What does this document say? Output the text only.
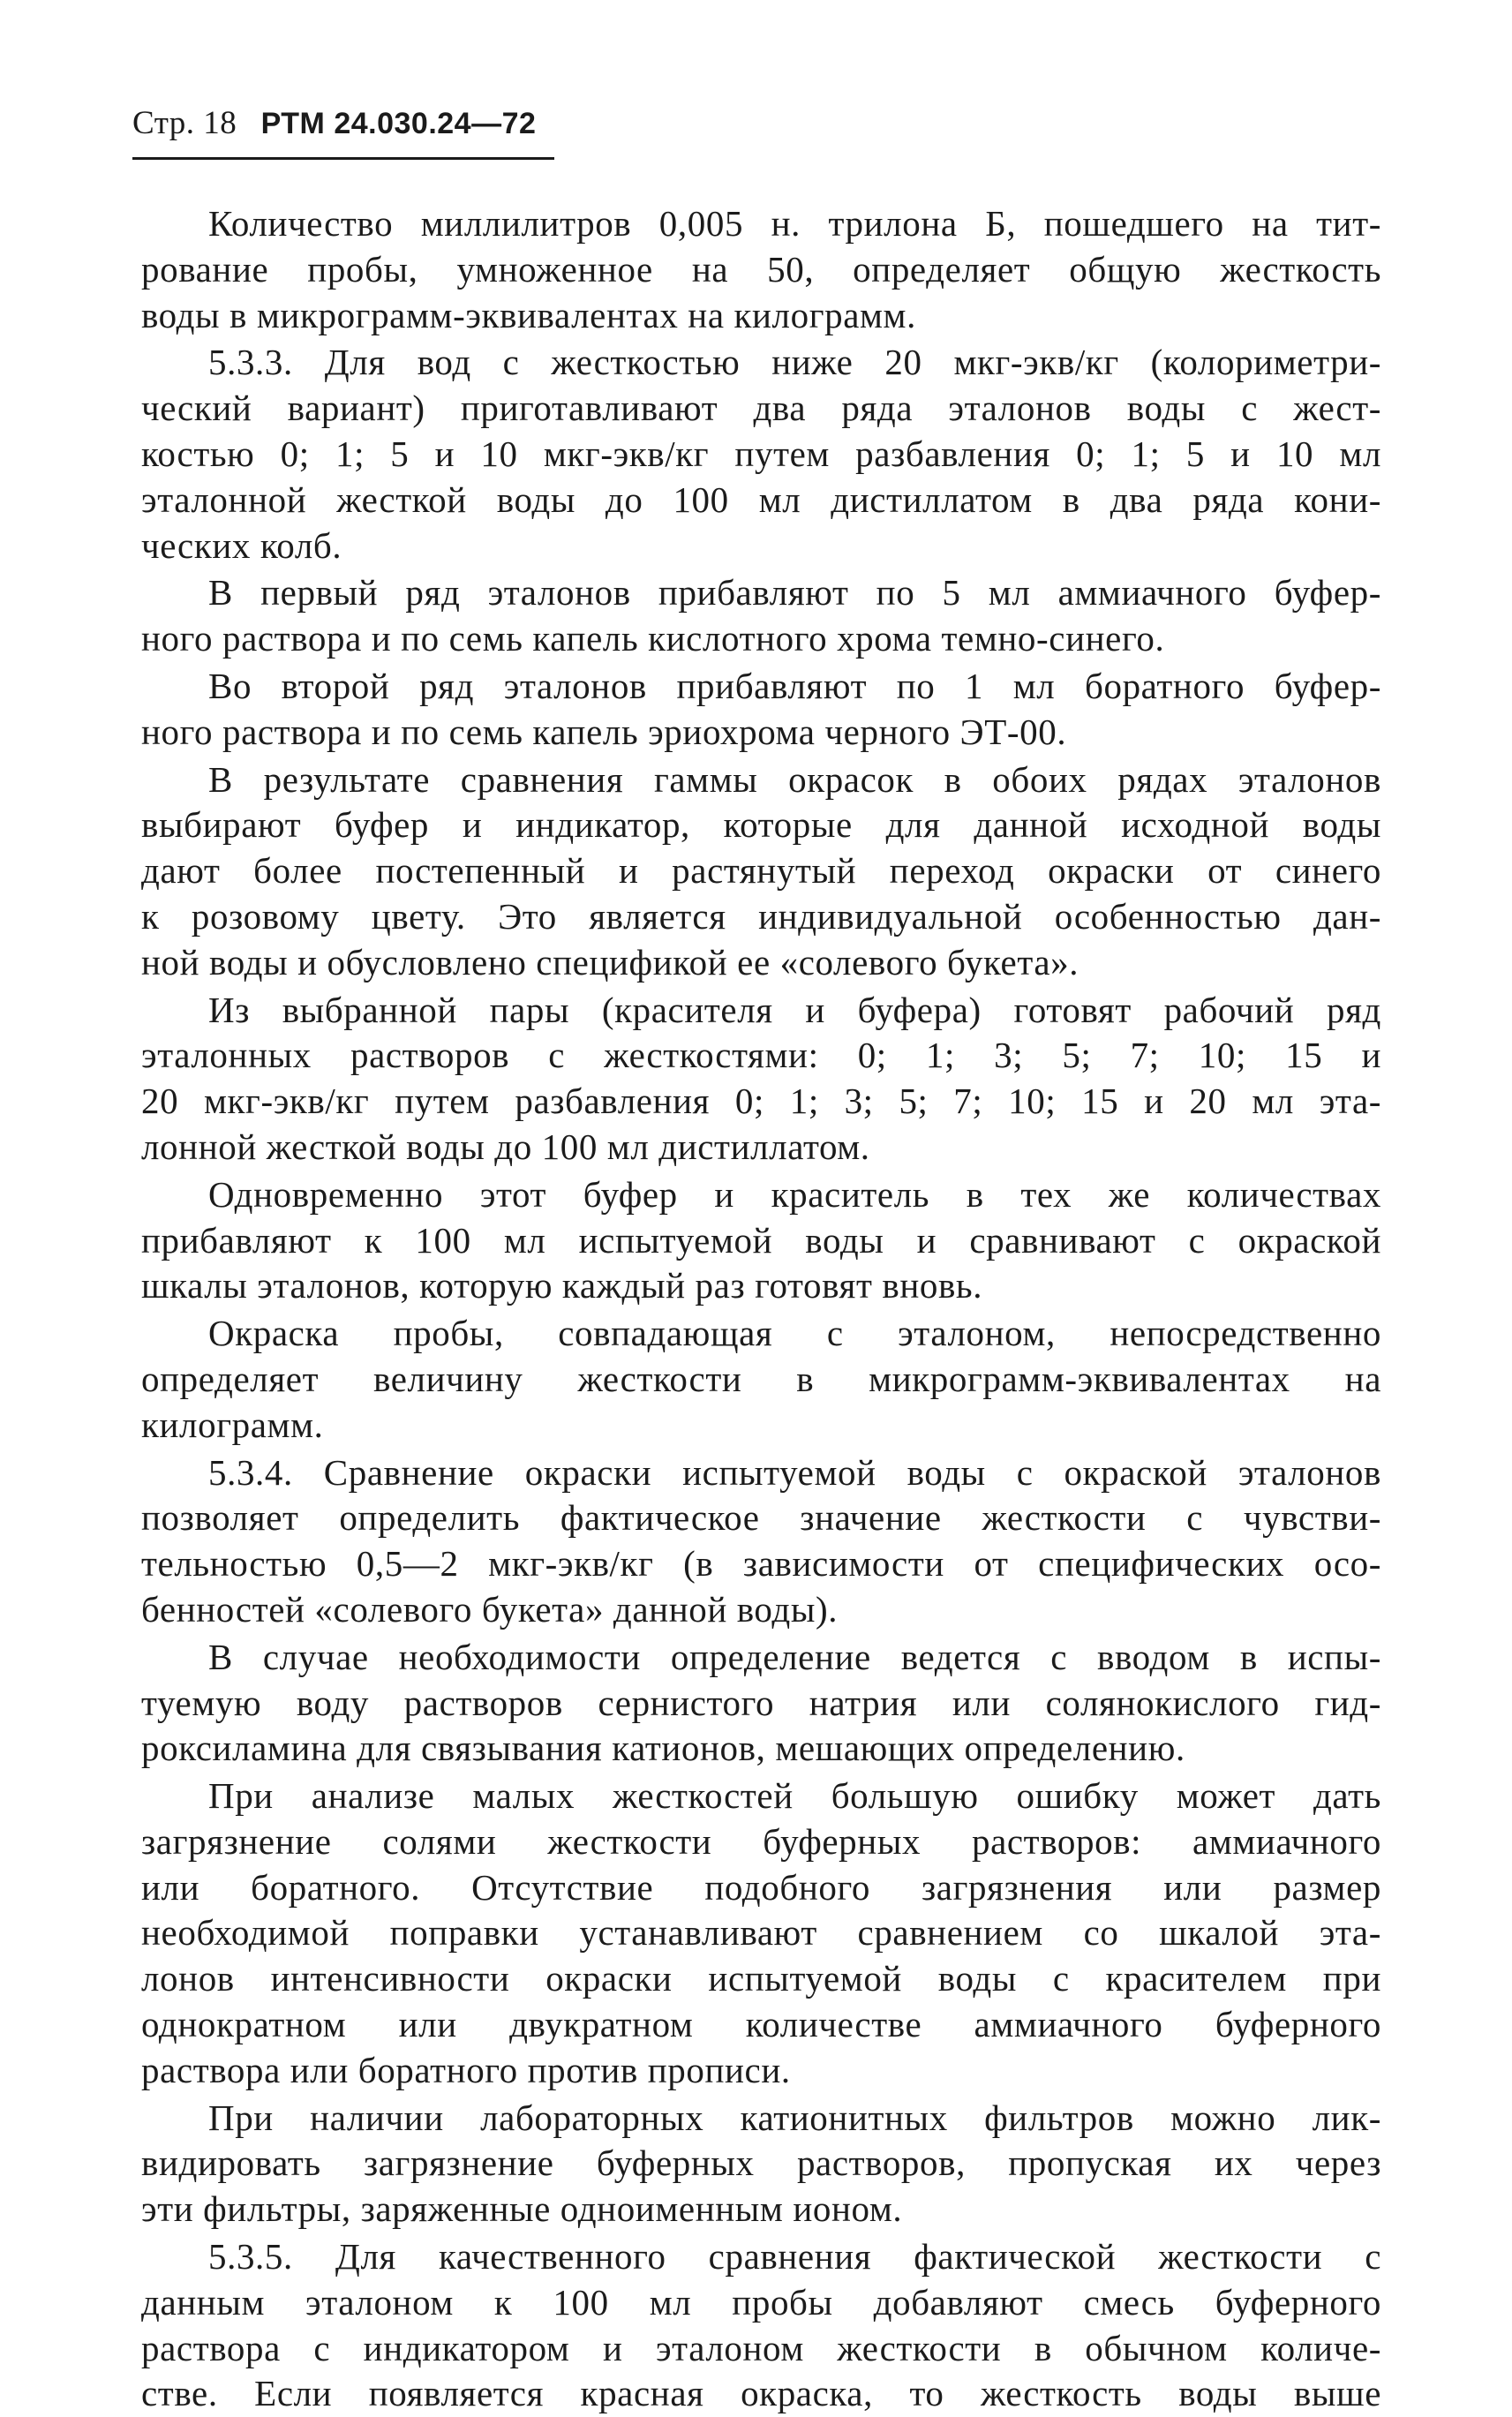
Стр. 18 РТМ 24.030.24—72
Количество миллилитров 0,005 н. трилона Б, пошедшего на тит-
рование пробы, умноженное на 50, определяет общую жесткость
воды в микрограмм-эквивалентах на килограмм.
5.3.3. Для вод с жесткостью ниже 20 мкг-экв/кг (колориметри-
ческий вариант) приготавливают два ряда эталонов воды с жест-
костью 0; 1; 5 и 10 мкг-экв/кг путем разбавления 0; 1; 5 и 10 мл
эталонной жесткой воды до 100 мл дистиллатом в два ряда кони-
ческих колб.
В первый ряд эталонов прибавляют по 5 мл аммиачного буфер-
ного раствора и по семь капель кислотного хрома темно-синего.
Во второй ряд эталонов прибавляют по 1 мл боратного буфер-
ного раствора и по семь капель эриохрома черного ЭТ-00.
В результате сравнения гаммы окрасок в обоих рядах эталонов
выбирают буфер и индикатор, которые для данной исходной воды
дают более постепенный и растянутый переход окраски от синего
к розовому цвету. Это является индивидуальной особенностью дан-
ной воды и обусловлено спецификой ее «солевого букета».
Из выбранной пары (красителя и буфера) готовят рабочий ряд
эталонных растворов с жесткостями: 0; 1; 3; 5; 7; 10; 15 и
20 мкг-экв/кг путем разбавления 0; 1; 3; 5; 7; 10; 15 и 20 мл эта-
лонной жесткой воды до 100 мл дистиллатом.
Одновременно этот буфер и краситель в тех же количествах
прибавляют к 100 мл испытуемой воды и сравнивают с окраской
шкалы эталонов, которую каждый раз готовят вновь.
Окраска пробы, совпадающая с эталоном, непосредственно
определяет величину жесткости в микрограмм-эквивалентах на
килограмм.
5.3.4. Сравнение окраски испытуемой воды с окраской эталонов
позволяет определить фактическое значение жесткости с чувстви-
тельностью 0,5—2 мкг-экв/кг (в зависимости от специфических осо-
бенностей «солевого букета» данной воды).
В случае необходимости определение ведется с вводом в испы-
туемую воду растворов сернистого натрия или солянокислого гид-
роксиламина для связывания катионов, мешающих определению.
При анализе малых жесткостей большую ошибку может дать
загрязнение солями жесткости буферных растворов: аммиачного
или боратного. Отсутствие подобного загрязнения или размер
необходимой поправки устанавливают сравнением со шкалой эта-
лонов интенсивности окраски испытуемой воды с красителем при
однократном или двукратном количестве аммиачного буферного
раствора или боратного против прописи.
При наличии лабораторных катионитных фильтров можно лик-
видировать загрязнение буферных растворов, пропуская их через
эти фильтры, заряженные одноименным ионом.
5.3.5. Для качественного сравнения фактической жесткости с
данным эталоном к 100 мл пробы добавляют смесь буферного
раствора с индикатором и эталоном жесткости в обычном количе-
стве. Если появляется красная окраска, то жесткость воды выше
